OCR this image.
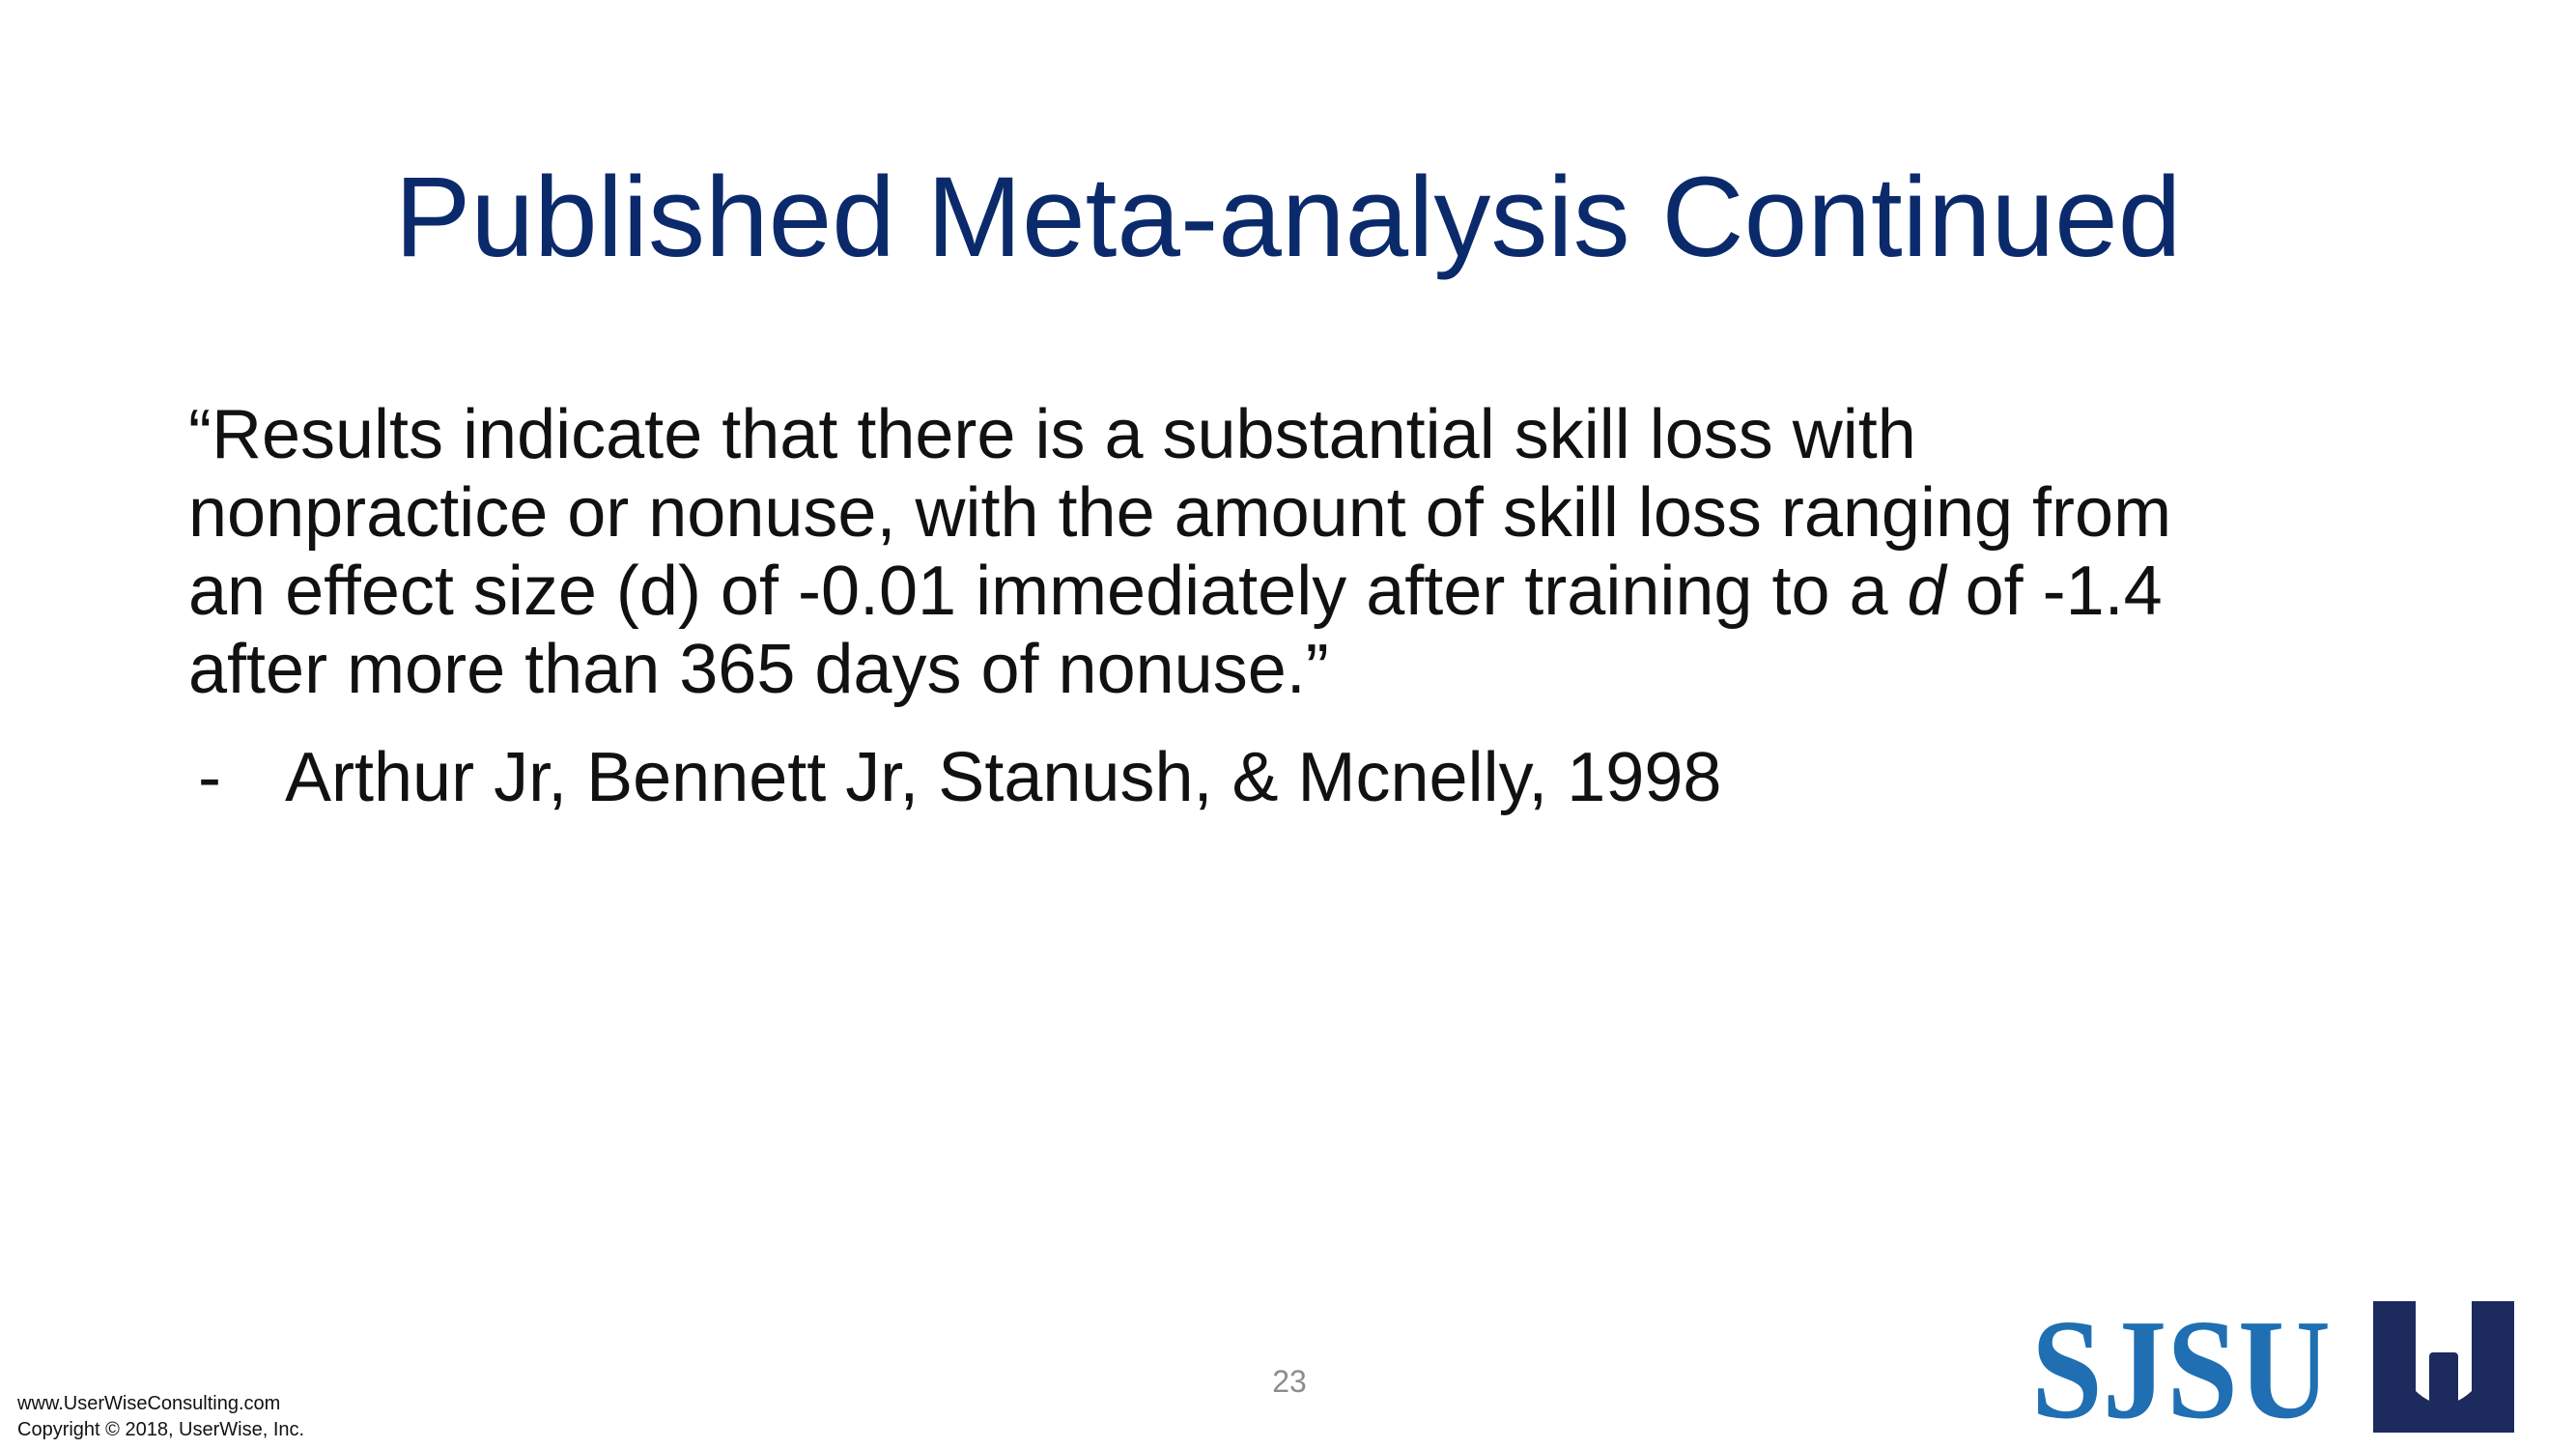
Published Meta-analysis Continued
“Results indicate that there is a substantial skill loss with
nonpractice or nonuse, with the amount of skill loss ranging from
an effect size (d) of -0.01 immediately after training to a d of -1.4
after more than 365 days of nonuse.”
- Arthur Jr, Bennett Jr, Stanush, & Mcnelly, 1998
23
www.UserWiseConsulting.com
Copyright © 2018, UserWise, Inc.	SJSU
